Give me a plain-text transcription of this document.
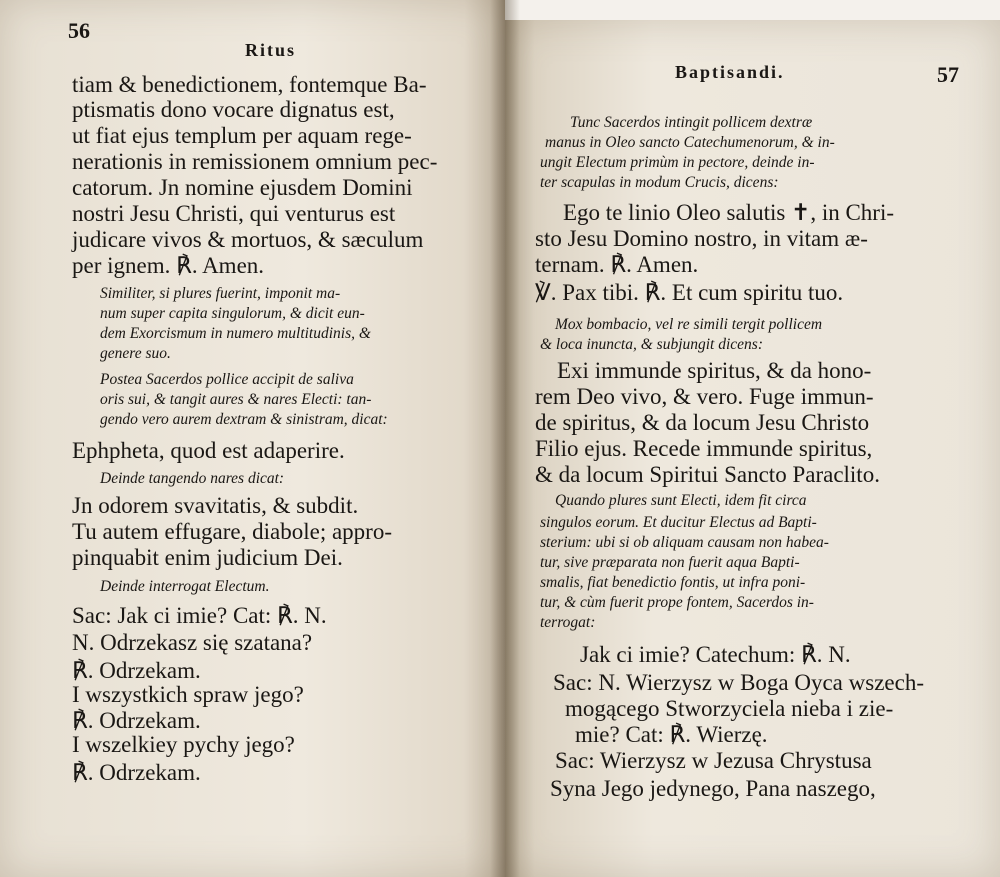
56
Ritus
tiam & benedictionem, fontemque Ba-
ptismatis dono vocare dignatus est,
ut fiat ejus templum per aquam rege-
nerationis in remissionem omnium pec-
catorum. Jn nomine ejusdem Domini
nostri Jesu Christi, qui venturus est
judicare vivos & mortuos, & sæculum
per ignem. ℟. Amen.
Similiter, si plures fuerint, imponit ma-
num super capita singulorum, & dicit eun-
dem Exorcismum in numero multitudinis, &
genere suo.
Postea Sacerdos pollice accipit de saliva
oris sui, & tangit aures & nares Electi: tan-
gendo vero aurem dextram & sinistram, dicat:
Ephpheta, quod est adaperire.
Deinde tangendo nares dicat:
Jn odorem svavitatis, & subdit.
Tu autem effugare, diabole; appro-
pinquabit enim judicium Dei.
Deinde interrogat Electum.
Sac: Jak ci imie? Cat: ℟. N.
N. Odrzekasz się szatana?
℟. Odrzekam.
I wszystkich spraw jego?
℟. Odrzekam.
I wszelkiey pychy jego?
℟. Odrzekam.
Baptisandi.	57
Tunc Sacerdos intingit pollicem dextræ
manus in Oleo sancto Catechumenorum, & in-
ungit Electum primùm in pectore, deinde in-
ter scapulas in modum Crucis, dicens:
Ego te linio Oleo salutis ✝, in Chri-
sto Jesu Domino nostro, in vitam æ-
ternam. ℟. Amen.
℣. Pax tibi. ℟. Et cum spiritu tuo.
Mox bombacio, vel re simili tergit pollicem
& loca inuncta, & subjungit dicens:
Exi immunde spiritus, & da hono-
rem Deo vivo, & vero. Fuge immun-
de spiritus, & da locum Jesu Christo
Filio ejus. Recede immunde spiritus,
& da locum Spiritui Sancto Paraclito.
Quando plures sunt Electi, idem fit circa
singulos eorum. Et ducitur Electus ad Bapti-
sterium: ubi si ob aliquam causam non habea-
tur, sive præparata non fuerit aqua Bapti-
smalis, fiat benedictio fontis, ut infra poni-
tur, & cùm fuerit prope fontem, Sacerdos in-
terrogat:
Jak ci imie? Catechum: ℟. N.
Sac: N. Wierzysz w Boga Oyca wszech-
mogącego Stworzyciela nieba i zie-
mie? Cat: ℟. Wierzę.
Sac: Wierzysz w Jezusa Chrystusa
Syna Jego jedynego, Pana naszego,
